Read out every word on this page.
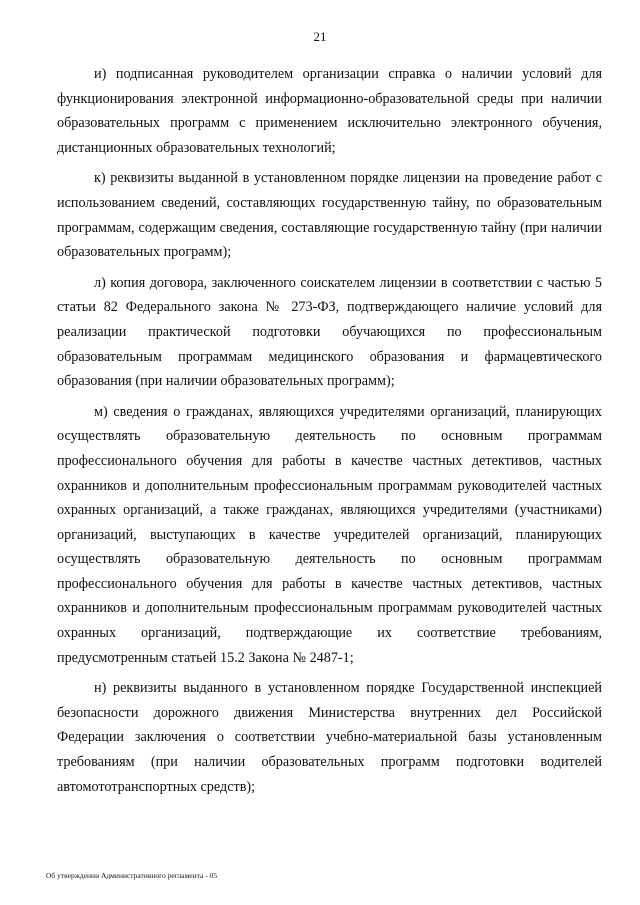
21

и) подписанная руководителем организации справка о наличии условий для функционирования электронной информационно-образовательной среды при наличии образовательных программ с применением исключительно электронного обучения, дистанционных образовательных технологий;

к) реквизиты выданной в установленном порядке лицензии на проведение работ с использованием сведений, составляющих государственную тайну, по образовательным программам, содержащим сведения, составляющие государственную тайну (при наличии образовательных программ);

л) копия договора, заключенного соискателем лицензии в соответствии с частью 5 статьи 82 Федерального закона № 273-ФЗ, подтверждающего наличие условий для реализации практической подготовки обучающихся по профессиональным образовательным программам медицинского образования и фармацевтического образования (при наличии образовательных программ);

м) сведения о гражданах, являющихся учредителями организаций, планирующих осуществлять образовательную деятельность по основным программам профессионального обучения для работы в качестве частных детективов, частных охранников и дополнительным профессиональным программам руководителей частных охранных организаций, а также гражданах, являющихся учредителями (участниками) организаций, выступающих в качестве учредителей организаций, планирующих осуществлять образовательную деятельность по основным программам профессионального обучения для работы в качестве частных детективов, частных охранников и дополнительным профессиональным программам руководителей частных охранных организаций, подтверждающие их соответствие требованиям, предусмотренным статьей 15.2 Закона № 2487-1;

н) реквизиты выданного в установленном порядке Государственной инспекцией безопасности дорожного движения Министерства внутренних дел Российской Федерации заключения о соответствии учебно-материальной базы установленным требованиям (при наличии образовательных программ подготовки водителей автомототранспортных средств);

Об утверждении Административного регламента - 05
